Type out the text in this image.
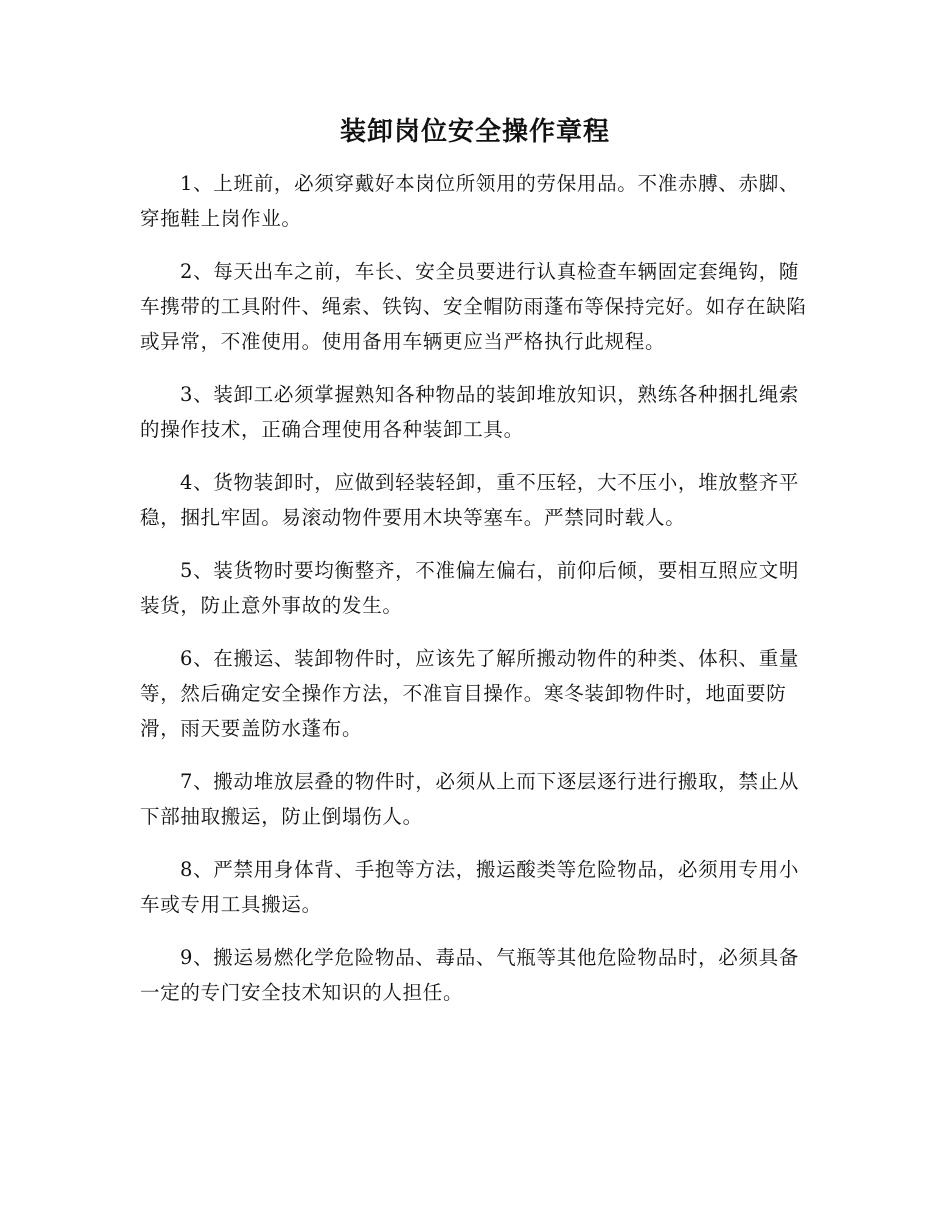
装卸岗位安全操作章程

1、上班前，必须穿戴好本岗位所领用的劳保用品。不准赤膊、赤脚、穿拖鞋上岗作业。

2、每天出车之前，车长、安全员要进行认真检查车辆固定套绳钩，随车携带的工具附件、绳索、铁钩、安全帽防雨蓬布等保持完好。如存在缺陷或异常，不准使用。使用备用车辆更应当严格执行此规程。

3、装卸工必须掌握熟知各种物品的装卸堆放知识，熟练各种捆扎绳索的操作技术，正确合理使用各种装卸工具。

4、货物装卸时，应做到轻装轻卸，重不压轻，大不压小，堆放整齐平稳，捆扎牢固。易滚动物件要用木块等塞车。严禁同时载人。

5、装货物时要均衡整齐，不准偏左偏右，前仰后倾，要相互照应文明装货，防止意外事故的发生。

6、在搬运、装卸物件时，应该先了解所搬动物件的种类、体积、重量等，然后确定安全操作方法，不准盲目操作。寒冬装卸物件时，地面要防滑，雨天要盖防水蓬布。

7、搬动堆放层叠的物件时，必须从上而下逐层逐行进行搬取，禁止从下部抽取搬运，防止倒塌伤人。

8、严禁用身体背、手抱等方法，搬运酸类等危险物品，必须用专用小车或专用工具搬运。

9、搬运易燃化学危险物品、毒品、气瓶等其他危险物品时，必须具备一定的专门安全技术知识的人担任。
